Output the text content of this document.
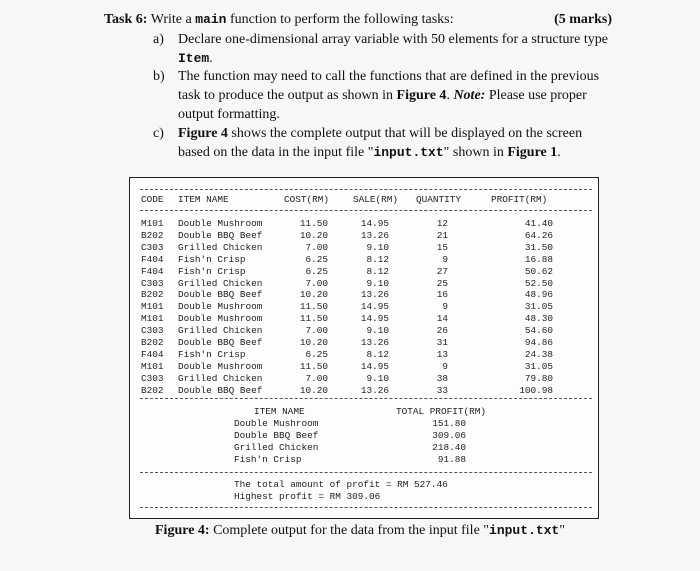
Task 6: Write a main function to perform the following tasks:	(5 marks)
a) Declare one-dimensional array variable with 50 elements for a structure type
Item.
b) The function may need to call the functions that are defined in the previous task to produce the output as shown in Figure 4. Note: Please use proper output formatting.
c) Figure 4 shows the complete output that will be displayed on the screen based on the data in the input file "input.txt" shown in Figure 1.
CODE ITEM NAME	COST(RM)	SALE(RM) QUANTITY	PROFIT(RM)
ITEM NAME	TOTAL PROFIT(RM)
The total amount of profit = RM 527.46
Highest profit = RM 309.06
M101 Double Mushroom	11.50	14.95	12	41.40
B202 Double BBQ Beef	10.20	13.26	21	64.26
C303 Grilled Chicken	7.00	9.10	15	31.50
F404 Fish'n Crisp	6.25	8.12	9	16.88
F404 Fish'n Crisp	6.25	8.12	27	50.62
C303 Grilled Chicken	7.00	9.10	25	52.50
B202 Double BBQ Beef	10.20	13.26	16	48.96
M101 Double Mushroom	11.50	14.95	9	31.05
M101 Double Mushroom	11.50	14.95	14	48.30
C303 Grilled Chicken	7.00	9.10	26	54.60
B202 Double BBQ Beef	10.20	13.26	31	94.86
F404 Fish'n Crisp	6.25	8.12	13	24.38
M101 Double Mushroom	11.50	14.95	9	31.05
C303 Grilled Chicken	7.00	9.10	38	79.80
B202 Double BBQ Beef	10.20	13.26	33	100.98
Double Mushroom	151.80
Double BBQ Beef	309.06
Grilled Chicken	218.40
Fish'n Crisp	91.88
Figure 4: Complete output for the data from the input file "input.txt"
